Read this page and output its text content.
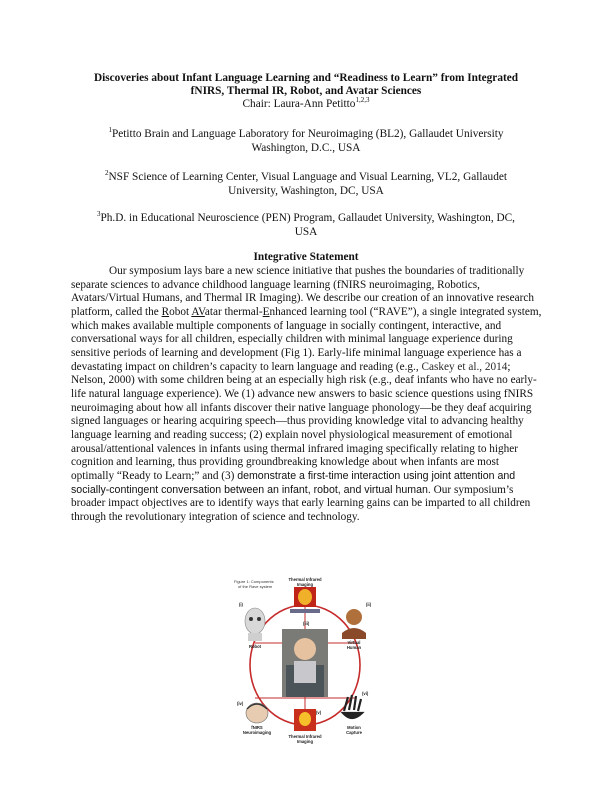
Discoveries about Infant Language Learning and “Readiness to Learn” from Integrated
fNIRS, Thermal IR, Robot, and Avatar Sciences
Chair: Laura-Ann Petitto$^{1,2,3}$
$^1$Petitto Brain and Language Laboratory for Neuroimaging (BL2), Gallaudet University
Washington, D.C., USA
$^2$NSF Science of Learning Center, Visual Language and Visual Learning, VL2, Gallaudet
University, Washington, DC, USA
$^3$Ph.D. in Educational Neuroscience (PEN) Program, Gallaudet University, Washington, DC,
USA
Integrative Statement
Our symposium lays bare a new science initiative that pushes the boundaries of traditionally separate sciences to advance childhood language learning (fNIRS neuroimaging, Robotics, Avatars/Virtual Humans, and Thermal IR Imaging). We describe our creation of an innovative research platform, called the Robot AVatar thermal-Enhanced learning tool (“RAVE”), a single integrated system, which makes available multiple components of language in socially contingent, interactive, and conversational ways for all children, especially children with minimal language experience during sensitive periods of learning and development (Fig 1). Early-life minimal language experience has a devastating impact on children’s capacity to learn language and reading (e.g., Caskey et al., 2014; Nelson, 2000) with some children being at an especially high risk (e.g., deaf infants who have no early-life natural language experience). We (1) advance new answers to basic science questions using fNIRS neuroimaging about how all infants discover their native language phonology—be they deaf acquiring signed languages or hearing acquiring speech—thus providing knowledge vital to advancing healthy language learning and reading success; (2) explain novel physiological measurement of emotional arousal/attentional valences in infants using thermal infrared imaging specifically relating to higher cognition and learning, thus providing groundbreaking knowledge about when infants are most optimally “Ready to Learn;” and (3) demonstrate a first-time interaction using joint attention and socially-contingent conversation between an infant, robot, and virtual human. Our symposium’s broader impact objectives are to identify ways that early learning gains can be imparted to all children through the revolutionary integration of science and technology.
Figure 1: Components
of the Rave system
Thermal Infrared
Imaging
(i)
Robot
(ii)
Virtual
Human
(iii)
(iv)
fNIRS
Neuroimaging
(v)
Thermal Infrared
Imaging
(vi)
Motion
Capture
